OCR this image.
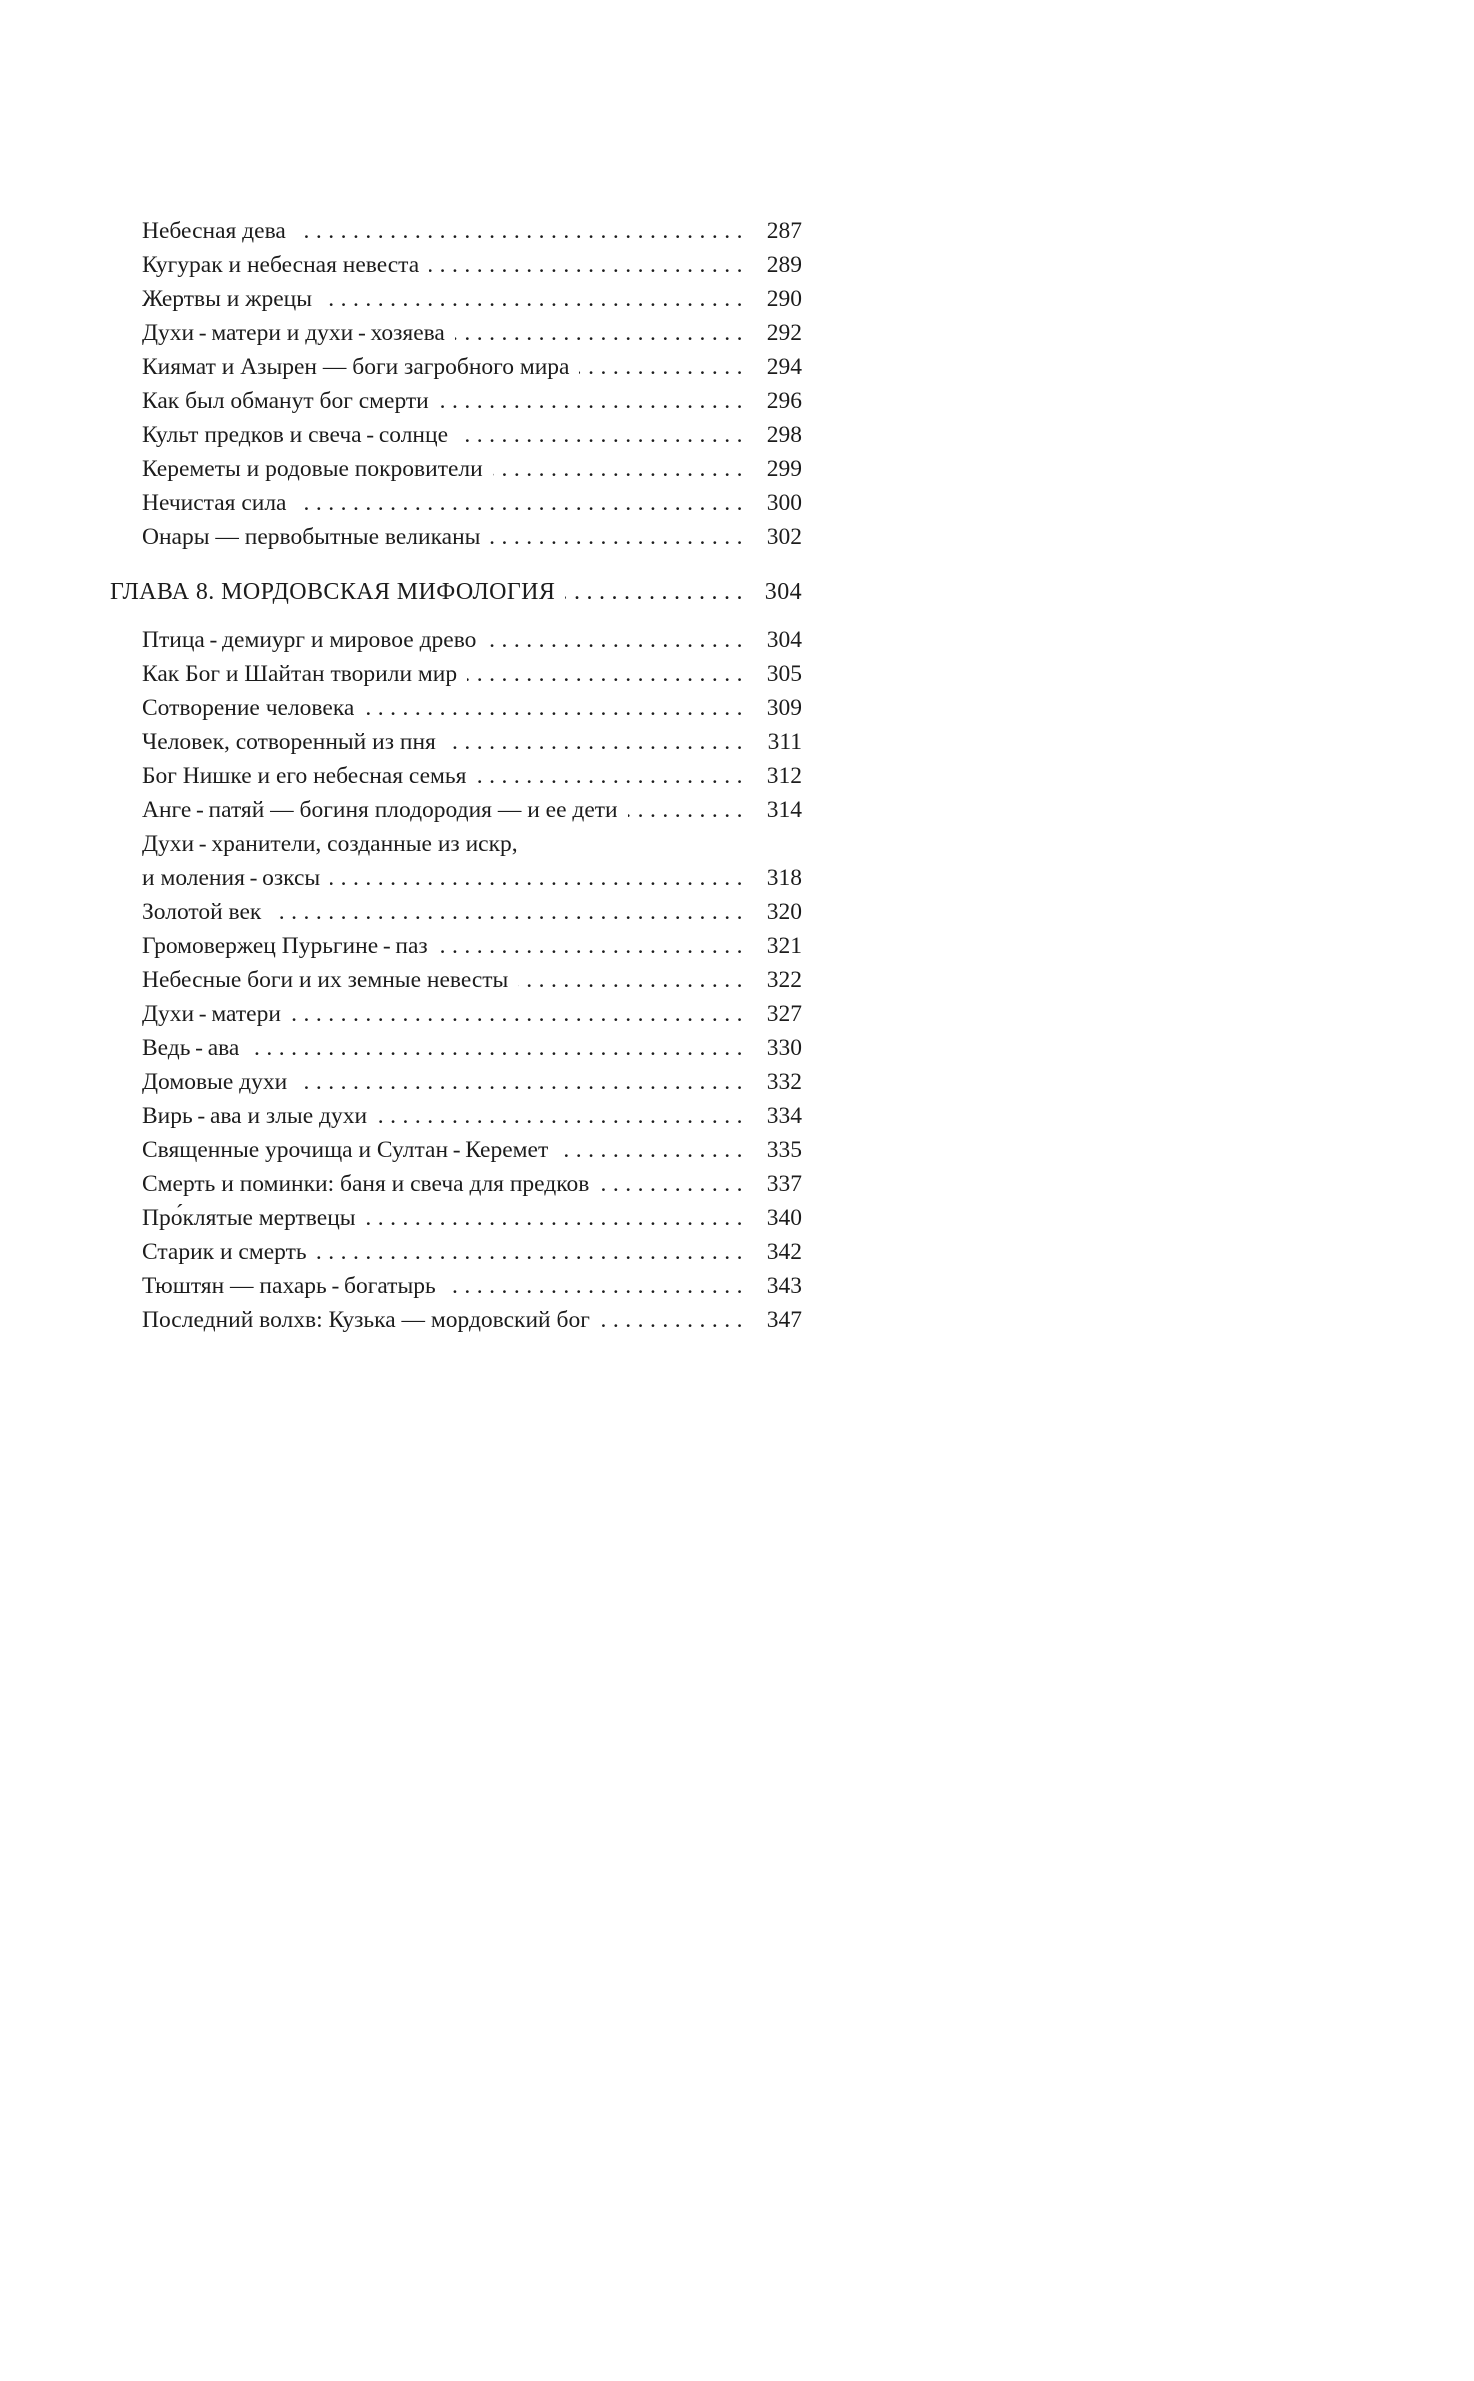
Небесная дева .....	287
Кугурак и небесная невеста .....	289
Жертвы и жрецы .....	290
Духи - матери и духи - хозяева .....	292
Киямат и Азырен — боги загробного мира .....	294
Как был обманут бог смерти .....	296
Культ предков и свеча - солнце .....	298
Кереметы и родовые покровители .....	299
Нечистая сила .....	300
Онары — первобытные великаны .....	302
ГЛАВА 8. МОРДОВСКАЯ МИФОЛОГИЯ .....	304
Птица - демиург и мировое древо .....	304
Как Бог и Шайтан творили мир .....	305
Сотворение человека .....	309
Человек, сотворенный из пня .....	311
Бог Нишке и его небесная семья .....	312
Анге - патяй — богиня плодородия — и ее дети .....	314
Духи - хранители, созданные из искр,
и моления - озксы .....	318
Золотой век .....	320
Громовержец Пурьгине - паз .....	321
Небесные боги и их земные невесты .....	322
Духи - матери .....	327
Ведь - ава .....	330
Домовые духи .....	332
Вирь - ава и злые духи .....	334
Священные урочища и Султан - Керемет .....	335
Смерть и поминки: баня и свеча для предков .....	337
Про́клятые мертвецы .....	340
Старик и смерть .....	342
Тюштян — пахарь - богатырь .....	343
Последний волхв: Кузька — мордовский бог .....	347
